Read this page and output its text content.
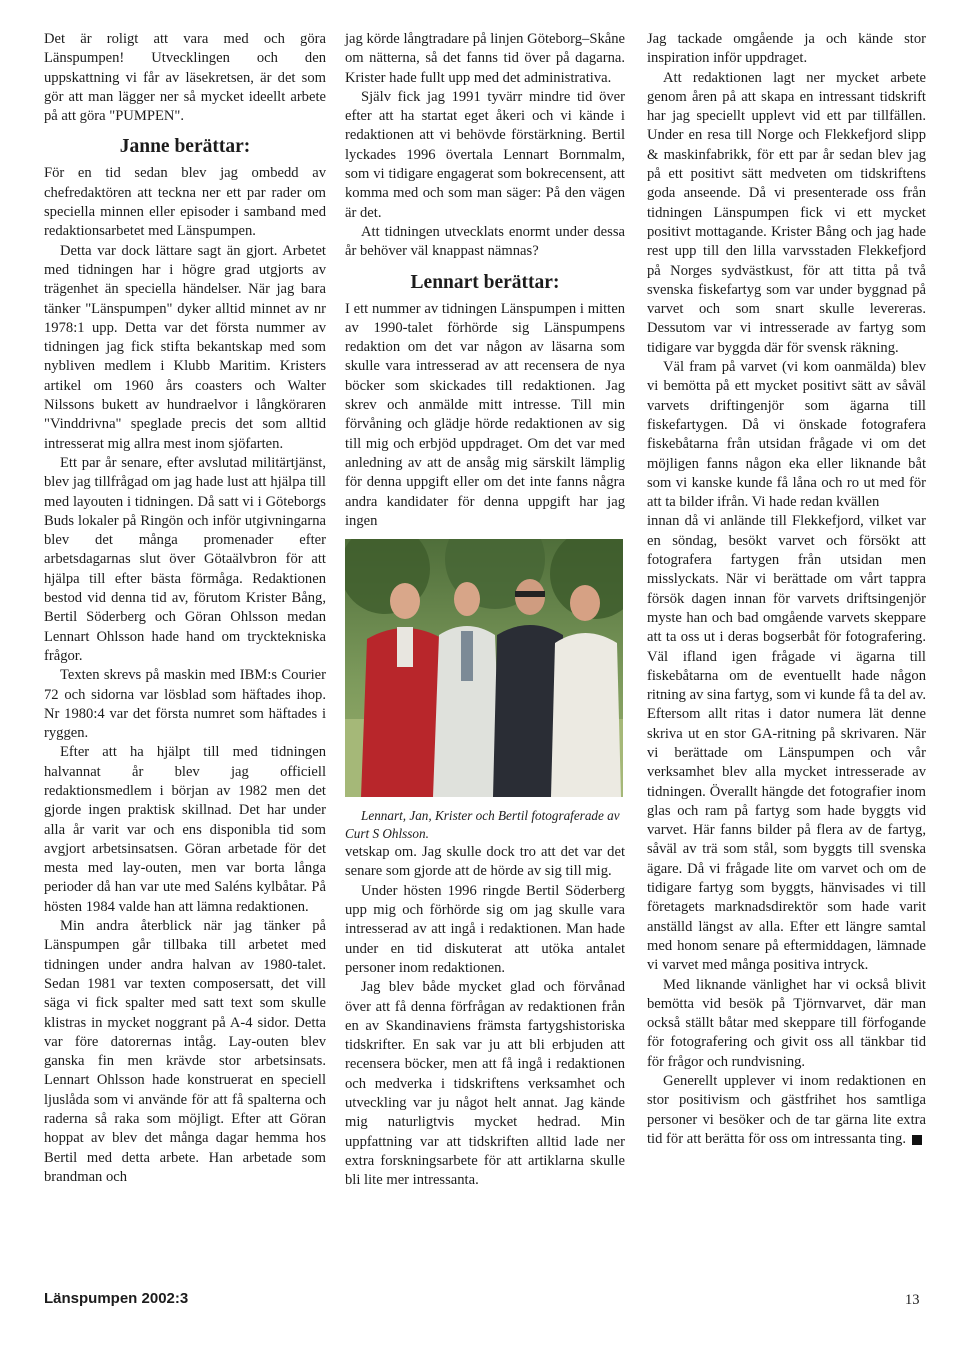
Det är roligt att vara med och göra Länspumpen! Utvecklingen och den uppskattning vi får av läsekretsen, är det som gör att man lägger ner så mycket ideellt arbete på att göra "PUMPEN".

Janne berättar:

För en tid sedan blev jag ombedd av chefredaktören att teckna ner ett par rader om speciella minnen eller episoder i samband med redaktionsarbetet med Länspumpen.

Detta var dock lättare sagt än gjort. Arbetet med tidningen har i högre grad utgjorts av trägenhet än speciella händelser. När jag bara tänker "Länspumpen" dyker alltid minnet av nr 1978:1 upp. Detta var det första nummer av tidningen jag fick stifta bekantskap med som nybliven medlem i Klubb Maritim. Kristers artikel om 1960 års coasters och Walter Nilssons bukett av hundraelvor i långköraren "Vinddrivna" speglade precis det som alltid intresserat mig allra mest inom sjöfarten.

Ett par år senare, efter avslutad militärtjänst, blev jag tillfrågad om jag hade lust att hjälpa till med layouten i tidningen. Då satt vi i Göteborgs Buds lokaler på Ringön och inför utgivningarna blev det många promenader efter arbetsdagarnas slut över Götaälvbron för att hjälpa till efter bästa förmåga. Redaktionen bestod vid denna tid av, förutom Krister Bång, Bertil Söderberg och Göran Ohlsson medan Lennart Ohlsson hade hand om trycktekniska frågor.

Texten skrevs på maskin med IBM:s Courier 72 och sidorna var lösblad som häftades ihop. Nr 1980:4 var det första numret som häftades i ryggen.

Efter att ha hjälpt till med tidningen halvannat år blev jag officiell redaktionsmedlem i början av 1982 men det gjorde ingen praktisk skillnad. Det har under alla år varit var och ens disponibla tid som avgjort arbetsinsatsen. Göran arbetade för det mesta med lay-outen, men var borta långa perioder då han var ute med Saléns kylbåtar. På hösten 1984 valde han att lämna redaktionen.

Min andra återblick när jag tänker på Länspumpen går tillbaka till arbetet med tidningen under andra halvan av 1980-talet. Sedan 1981 var texten composersatt, det vill säga vi fick spalter med satt text som skulle klistras in mycket noggrant på A-4 sidor. Detta var före datorernas intåg. Lay-outen blev ganska fin men krävde stor arbetsinsats. Lennart Ohlsson hade konstruerat en speciell ljuslåda som vi använde för att få spalterna och raderna så raka som möjligt. Efter att Göran hoppat av blev det många dagar hemma hos Bertil med detta arbete. Han arbetade som brandman och

jag körde långtradare på linjen Göteborg–Skåne om nätterna, så det fanns tid över på dagarna. Krister hade fullt upp med det administrativa.

Själv fick jag 1991 tyvärr mindre tid över efter att ha startat eget åkeri och vi kände i redaktionen att vi behövde förstärkning. Bertil lyckades 1996 övertala Lennart Bornmalm, som vi tidigare engagerat som bokrecensent, att komma med och som man säger: På den vägen är det.

Att tidningen utvecklats enormt under dessa år behöver väl knappast nämnas?

Lennart berättar:

I ett nummer av tidningen Länspumpen i mitten av 1990-talet förhörde sig Länspumpens redaktion om det var någon av läsarna som skulle vara intresserad av att recensera de nya böcker som skickades till redaktionen. Jag skrev och anmälde mitt intresse. Till min förvåning och glädje hörde redaktionen av sig till mig och erbjöd uppdraget. Om det var med anledning av att de ansåg mig särskilt lämplig för denna uppgift eller om det inte fanns några andra kandidater för denna uppgift har jag ingen

Lennart, Jan, Krister och Bertil fotograferade av Curt S Ohlsson.

vetskap om. Jag skulle dock tro att det var det senare som gjorde att de hörde av sig till mig.

Under hösten 1996 ringde Bertil Söderberg upp mig och förhörde sig om jag skulle vara intresserad av att ingå i redaktionen. Man hade under en tid diskuterat att utöka antalet personer inom redaktionen.

Jag blev både mycket glad och förvånad över att få denna förfrågan av redaktionen från en av Skandinaviens främsta fartygshistoriska tidskrifter. En sak var ju att bli erbjuden att recensera böcker, men att få ingå i redaktionen och medverka i tidskriftens verksamhet och utveckling var ju något helt annat. Jag kände mig naturligtvis mycket hedrad. Min uppfattning var att tidskriften alltid lade ner extra forskningsarbete för att artiklarna skulle bli lite mer intressanta.

Jag tackade omgående ja och kände stor inspiration inför uppdraget.

Att redaktionen lagt ner mycket arbete genom åren på att skapa en intressant tidskrift har jag speciellt upplevt vid ett par tillfällen. Under en resa till Norge och Flekkefjord slipp & maskinfabrikk, för ett par år sedan blev jag på ett positivt sätt medveten om tidskriftens goda anseende. Då vi presenterade oss från tidningen Länspumpen fick vi ett mycket positivt mottagande. Krister Bång och jag hade rest upp till den lilla varvsstaden Flekkefjord på Norges sydvästkust, för att titta på två svenska fiskefartyg som var under byggnad på varvet och som snart skulle levereras. Dessutom var vi intresserade av fartyg som tidigare var byggda där för svensk räkning.

Väl fram på varvet (vi kom oanmälda) blev vi bemötta på ett mycket positivt sätt av såväl varvets driftingenjör som ägarna till fiskefartygen. Då vi önskade fotografera fiskebåtarna från utsidan frågade vi om det möjligen fanns någon eka eller liknande båt som vi kanske kunde få låna och ro ut med för att ta bilder ifrån. Vi hade redan kvällen

innan då vi anlände till Flekkefjord, vilket var en söndag, besökt varvet och försökt att fotografera fartygen från utsidan men misslyckats. När vi berättade om vårt tappra försök dagen innan för varvets driftsingenjör myste han och bad omgående varvets skeppare att ta oss ut i deras bogserbåt för fotografering. Väl ifland igen frågade vi ägarna till fiskebåtarna om de eventuellt hade någon ritning av sina fartyg, som vi kunde få ta del av. Eftersom allt ritas i dator numera lät denne skriva ut en stor GA-ritning på skrivaren. När vi berättade om Länspumpen och vår verksamhet blev alla mycket intresserade av tidningen. Överallt hängde det fotografier inom glas och ram på fartyg som hade byggts vid varvet. Här fanns bilder på flera av de fartyg, såväl av trä som stål, som byggts till svenska ägare. Då vi frågade lite om varvet och om de tidigare fartyg som byggts, hänvisades vi till företagets marknadsdirektör som hade varit anställd längst av alla. Efter ett längre samtal med honom senare på eftermiddagen, lämnade vi varvet med många positiva intryck.

Med liknande vänlighet har vi också blivit bemötta vid besök på Tjörnvarvet, där man också ställt båtar med skeppare till förfogande för fotografering och givit oss all tänkbar tid för frågor och rundvisning.

Generellt upplever vi inom redaktionen en stor positivism och gästfrihet hos samtliga personer vi besöker och de tar gärna lite extra tid för att berätta för oss om intressanta ting.

Länspumpen 2002:3	13
